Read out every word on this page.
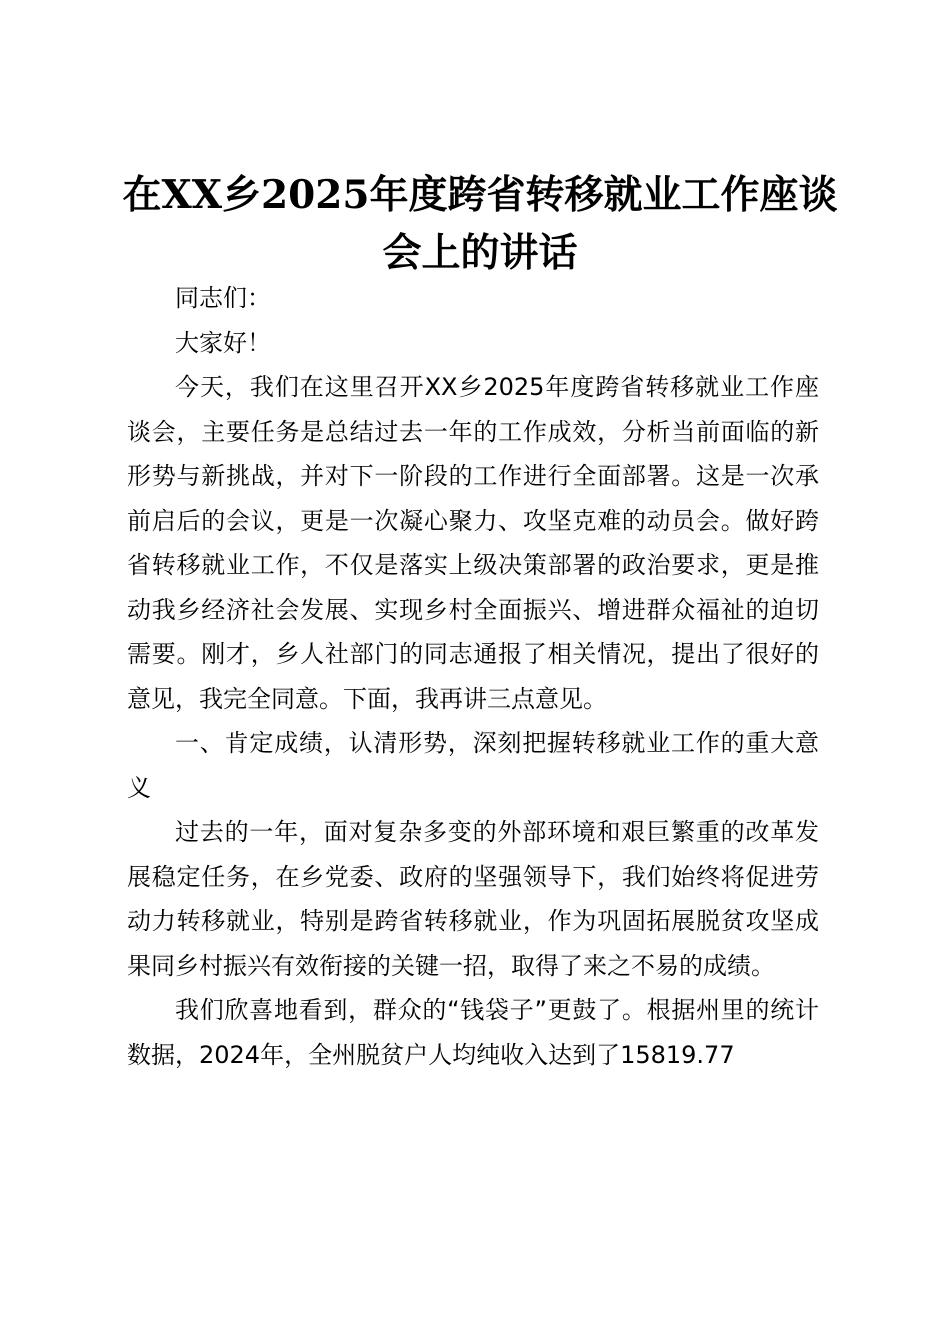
在XX乡2025年度跨省转移就业工作座谈会上的讲话

同志们：

大家好！

今天，我们在这里召开XX乡2025年度跨省转移就业工作座谈会，主要任务是总结过去一年的工作成效，分析当前面临的新形势与新挑战，并对下一阶段的工作进行全面部署。这是一次承前启后的会议，更是一次凝心聚力、攻坚克难的动员会。做好跨省转移就业工作，不仅是落实上级决策部署的政治要求，更是推动我乡经济社会发展、实现乡村全面振兴、增进群众福祉的迫切需要。刚才，乡人社部门的同志通报了相关情况，提出了很好的意见，我完全同意。下面，我再讲三点意见。

一、肯定成绩，认清形势，深刻把握转移就业工作的重大意义

过去的一年，面对复杂多变的外部环境和艰巨繁重的改革发展稳定任务，在乡党委、政府的坚强领导下，我们始终将促进劳动力转移就业，特别是跨省转移就业，作为巩固拓展脱贫攻坚成果同乡村振兴有效衔接的关键一招，取得了来之不易的成绩。

我们欣喜地看到，群众的“钱袋子”更鼓了。根据州里的统计数据，2024年，全州脱贫户人均纯收入达到了15819.77
